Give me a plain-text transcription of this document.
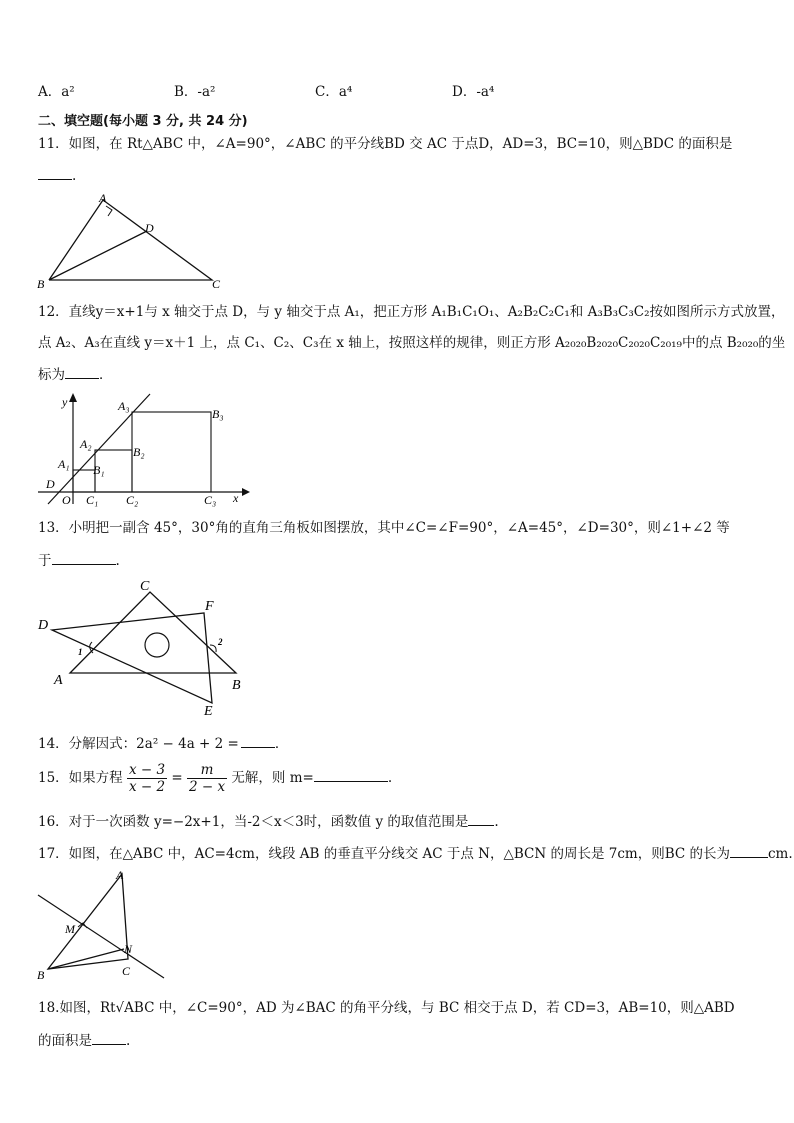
A．a²	B．-a²	C．a⁴	D．-a⁴
二、填空题(每小题 3 分, 共 24 分)
11．如图，在 Rt△ABC 中，∠A=90°，∠ABC 的平分线BD 交 AC 于点D，AD=3，BC=10，则△BDC 的面积是
.
A
D
B	C
12．直线y＝x+1与 x 轴交于点 D，与 y 轴交于点 A₁，把正方形 A₁B₁C₁O₁、A₂B₂C₂C₁和 A₃B₃C₃C₂按如图所示方式放置，
点 A₂、A₃在直线 y＝x＋1 上，点 C₁、C₂、C₃在 x 轴上，按照这样的规律，则正方形 A₂₀₂₀B₂₀₂₀C₂₀₂₀C₂₀₁₉中的点 B₂₀₂₀的坐
标为	．
y
x
D
O
A₁
A₂
A₃
B₁
B₂
B₃
C₁ C₂	C₃
13．小明把一副含 45°，30°角的直角三角板如图摆放，其中∠C=∠F=90°，∠A=45°，∠D=30°，则∠1+∠2 等
于	.
C
F
D
A	B
E
1
2
14．分解因式：2a² − 4a + 2 =	．
15．如果方程 $\frac{x - 3}{x - 2} = \frac{m}{2 - x}$ 无解，则 m=	.
16．对于一次函数 y=−2x+1，当-2＜x＜3时，函数值 y 的取值范围是 .
17．如图，在△ABC 中，AC=4cm，线段 AB 的垂直平分线交 AC 于点 N，△BCN 的周长是 7cm，则BC 的长为	cm.
A
M
N
B	C
18.如图，Rt√ABC 中，∠C=90°，AD 为∠BAC 的角平分线，与 BC 相交于点 D，若 CD=3，AB=10，则△ABD
的面积是	.
